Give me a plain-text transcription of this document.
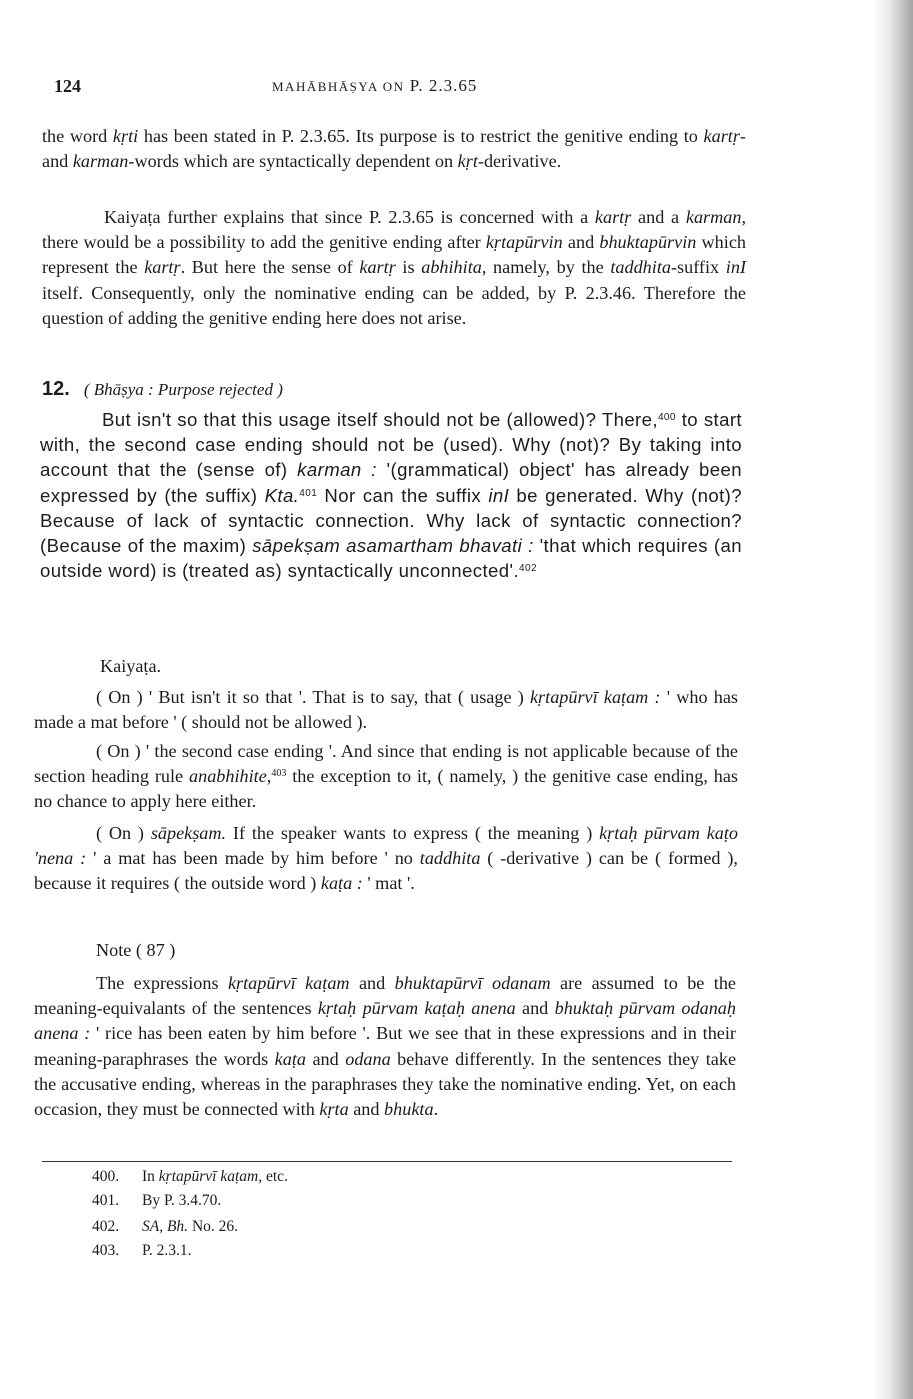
124	MAHĀBHĀṢYA ON P. 2.3.65

the word kṛti has been stated in P. 2.3.65. Its purpose is to restrict the genitive ending to kartṛ- and karman-words which are syntactically dependent on kṛt-derivative.

Kaiyaṭa further explains that since P. 2.3.65 is concerned with a kartṛ and a karman, there would be a possibility to add the genitive ending after kṛtapūrvin and bhuktapūrvin which represent the kartṛ. But here the sense of kartṛ is abhihita, namely, by the taddhita-suffix inI itself. Consequently, only the nominative ending can be added, by P. 2.3.46. Therefore the question of adding the genitive ending here does not arise.

12. ( Bhāṣya : Purpose rejected )

But isn't so that this usage itself should not be (allowed)? There,$^{400}$ to start with, the second case ending should not be (used). Why (not)? By taking into account that the (sense of) karman : '(grammatical) object' has already been expressed by (the suffix) Kta.$^{401}$ Nor can the suffix inI be generated. Why (not)? Because of lack of syntactic connection. Why lack of syntactic connection? (Because of the maxim) sāpekṣam asamartham bhavati : 'that which requires (an outside word) is (treated as) syntactically unconnected'.$^{402}$

Kaiyaṭa.

( On ) ' But isn't it so that '. That is to say, that ( usage ) kṛtapūrvī kaṭam : ' who has made a mat before ' ( should not be allowed ).

( On ) ' the second case ending '. And since that ending is not applicable because of the section heading rule anabhihite,$^{403}$ the exception to it, ( namely, ) the genitive case ending, has no chance to apply here either.

( On ) sāpekṣam. If the speaker wants to express ( the meaning ) kṛtaḥ pūrvam kaṭo 'nena : ' a mat has been made by him before ' no taddhita ( -derivative ) can be ( formed ), because it requires ( the outside word ) kaṭa : ' mat '.

Note ( 87 )

The expressions kṛtapūrvī kaṭam and bhuktapūrvī odanam are assumed to be the meaning-equivalants of the sentences kṛtaḥ pūrvam kaṭaḥ anena and bhuktaḥ pūrvam odanaḥ anena : ' rice has been eaten by him before '. But we see that in these expressions and in their meaning-paraphrases the words kaṭa and odana behave differently. In the sentences they take the accusative ending, whereas in the paraphrases they take the nominative ending. Yet, on each occasion, they must be connected with kṛta and bhukta.

400. In kṛtapūrvī kaṭam, etc.
401. By P. 3.4.70.
402. SA, Bh. No. 26.
403. P. 2.3.1.
